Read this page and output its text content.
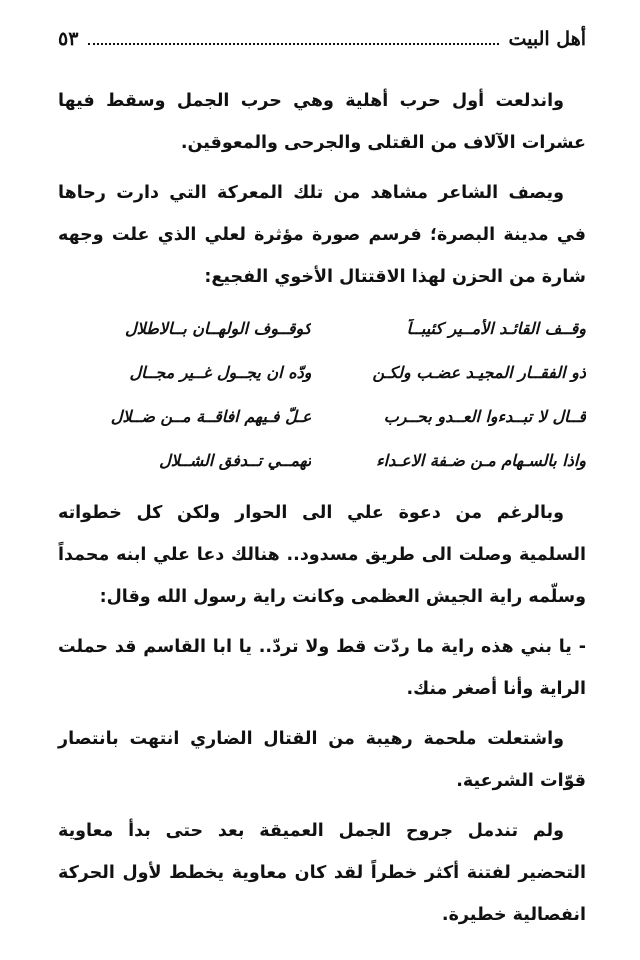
أهل البيت
٥٣

واندلعت أول حرب أهلية وهي حرب الجمل وسقط فيها عشرات الآلاف من القتلى والجرحى والمعوقين.

ويصف الشاعر مشاهد من تلك المعركة التي دارت رحاها في مدينة البصرة؛ فرسم صورة مؤثرة لعلي الذي علت وجهه شارة من الحزن لهذا الاقتتال الأخوي الفجيع:

وقــف القائـد الأمــير كئيبــاً
كوقــوف الولهــان بــالاطلال
ذو الفقــار المجيـد عضـب ولكـن
ودّه ان يجــول غــير مجــال
قــال لا تبــدءوا العــدو بحــرب
عـلّ فـيهم افاقــة مــن ضــلال
واذا بالسـهام مـن ضـفة الاعـداء
تهمــي تــدفق الشــلال

وبالرغم من دعوة علي الى الحوار ولكن كل خطواته السلمية وصلت الى طريق مسدود.. هنالك دعا علي ابنه محمداً وسلّمه راية الجيش العظمى وكانت راية رسول الله وقال:

- يا بني هذه راية ما ردّت قط ولا تردّ.. يا ابا القاسم قد حملت الراية وأنا أصغر منك.

واشتعلت ملحمة رهيبة من القتال الضاري انتهت بانتصار قوّات الشرعية.

ولم تندمل جروح الجمل العميقة بعد حتى بدأ معاوية التحضير لفتنة أكثر خطراً لقد كان معاوية يخطط لأول الحركة انفصالية خطيرة.
